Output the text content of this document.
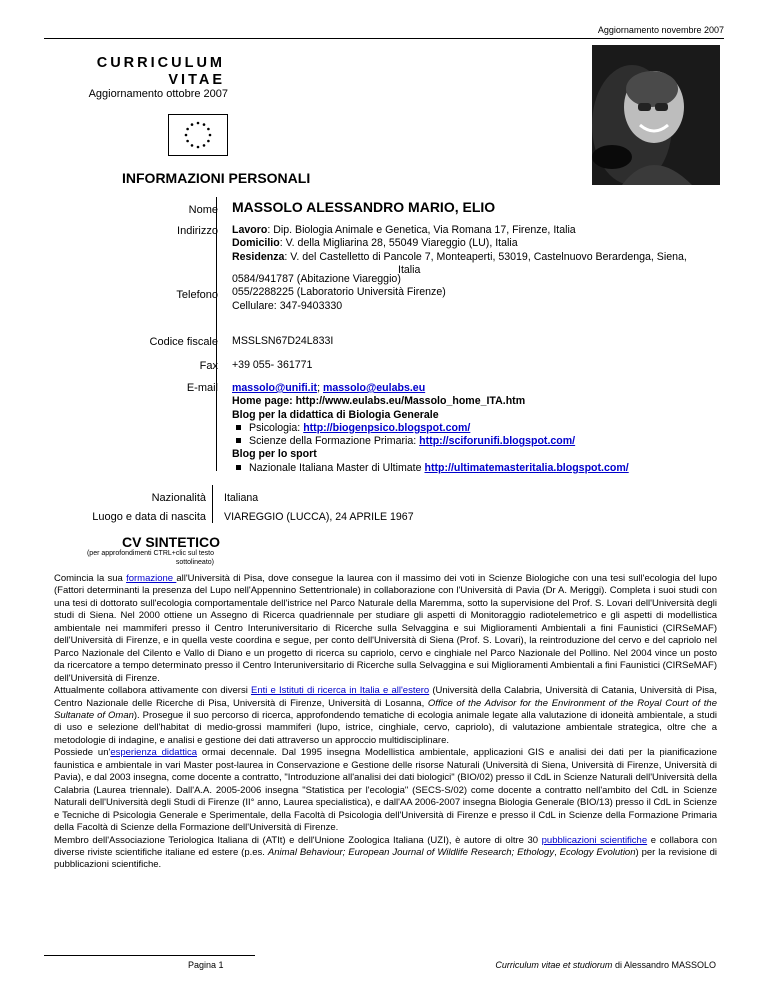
Aggiornamento novembre 2007
CURRICULUM
VITAE
Aggiornamento ottobre 2007
INFORMAZIONI PERSONALI
Nome MASSOLO ALESSANDRO MARIO, ELIO
Indirizzo Lavoro: Dip. Biologia Animale e Genetica, Via Romana 17, Firenze, Italia
Domicilio: V. della Migliarina 28, 55049 Viareggio (LU), Italia
Residenza: V. del Castelletto di Pancole 7, Monteaperti, 53019, Castelnuovo Berardenga, Siena,
Italia
Telefono
0584/941787 (Abitazione Viareggio)
055/2288225 (Laboratorio Università Firenze)
Cellulare: 347-9403330
Codice fiscale MSSLSN67D24L833I
Fax +39 055- 361771
E-mail massolo@unifi.it; massolo@eulabs.eu
Home page: http://www.eulabs.eu/Massolo_home_ITA.htm
Blog per la didattica di Biologia Generale
Psicologia: http://biogenpsico.blogspot.com/
Scienze della Formazione Primaria: http://sciforunifi.blogspot.com/
Blog per lo sport
Nazionale Italiana Master di Ultimate http://ultimatemasteritalia.blogspot.com/
Nazionalità Italiana
Luogo e data di nascita VIAREGGIO (LUCCA), 24 APRILE 1967
CV SINTETICO
(per approfondimenti CTRL+clic sul testo sottolineato)

Comincia la sua formazione all'Università di Pisa, dove consegue la laurea con il massimo dei voti in Scienze Biologiche con una tesi sull'ecologia del lupo (Fattori determinanti la presenza del Lupo nell'Appennino Settentrionale) in collaborazione con l'Università di Pavia (Dr A. Meriggi). Completa i suoi studi con una tesi di dottorato sull'ecologia comportamentale dell'istrice nel Parco Naturale della Maremma, sotto la supervisione del Prof. S. Lovari dell'Università degli studi di Siena. Nel 2000 ottiene un Assegno di Ricerca quadriennale per studiare gli aspetti di Monitoraggio radiotelemetrico e gli aspetti di modellistica ambientale nei mammiferi presso il Centro Interuniversitario di Ricerche sulla Selvaggina e sui Miglioramenti Ambientali a fini Faunistici (CIRSeMAF) dell'Università di Firenze, e in quella veste coordina e segue, per conto dell'Università di Siena (Prof. S. Lovari), la reintroduzione del cervo e del capriolo nel Parco Nazionale del Cilento e Vallo di Diano e un progetto di ricerca su capriolo, cervo e cinghiale nel Parco Nazionale del Pollino. Nel 2004 vince un posto da ricercatore a tempo determinato presso il Centro Interuniversitario di Ricerche sulla Selvaggina e sui Miglioramenti Ambientali a fini Faunistici (CIRSeMAF) dell'Università di Firenze.

Attualmente collabora attivamente con diversi Enti e Istituti di ricerca in Italia e all'estero (Università della Calabria, Università di Catania, Università di Pisa, Centro Nazionale delle Ricerche di Pisa, Università di Firenze, Università di Losanna, Office of the Advisor for the Environment of the Royal Court of the Sultanate of Oman). Prosegue il suo percorso di ricerca, approfondendo tematiche di ecologia animale legate alla valutazione di idoneità ambientale, a studi di uso e selezione dell'habitat di medio-grossi mammiferi (lupo, istrice, cinghiale, cervo, capriolo), di valutazione ambientale strategica, oltre che a metodologie di indagine, e analisi e gestione dei dati attraverso un approccio multidisciplinare.

Possiede un'esperienza didattica ormai decennale. Dal 1995 insegna Modellistica ambientale, applicazioni GIS e analisi dei dati per la pianificazione faunistica e ambientale in vari Master post-laurea in Conservazione e Gestione delle risorse Naturali (Università di Siena, Università di Firenze, Università di Pavia), e dal 2003 insegna, come docente a contratto, "Introduzione all'analisi dei dati biologici" (BIO/02) presso il CdL in Scienze Naturali dell'Università della Calabria (Laurea triennale). Dall'A.A. 2005-2006 insegna "Statistica per l'ecologia" (SECS-S/02) come docente a contratto nell'ambito del CdL in Scienze Naturali dell'Università degli Studi di Firenze (II° anno, Laurea specialistica), e dall'AA 2006-2007 insegna Biologia Generale (BIO/13) presso il CdL in Scienze e Tecniche di Psicologia Generale e Sperimentale, della Facoltà di Psicologia dell'Università di Firenze e presso il CdL in Scienze della Formazione Primaria della Facoltà di Scienze della Formazione dell'Università di Firenze.

Membro dell'Associazione Teriologica Italiana di (ATIt) e dell'Unione Zoologica Italiana (UZI), è autore di oltre 30 pubblicazioni scientifiche e collabora con diverse riviste scientifiche italiane ed estere (p.es. Animal Behaviour; European Journal of Wildlife Research; Ethology, Ecology Evolution) per la revisione di pubblicazioni scientifiche.

Pagina 1	Curriculum vitae et studiorum di Alessandro MASSOLO
